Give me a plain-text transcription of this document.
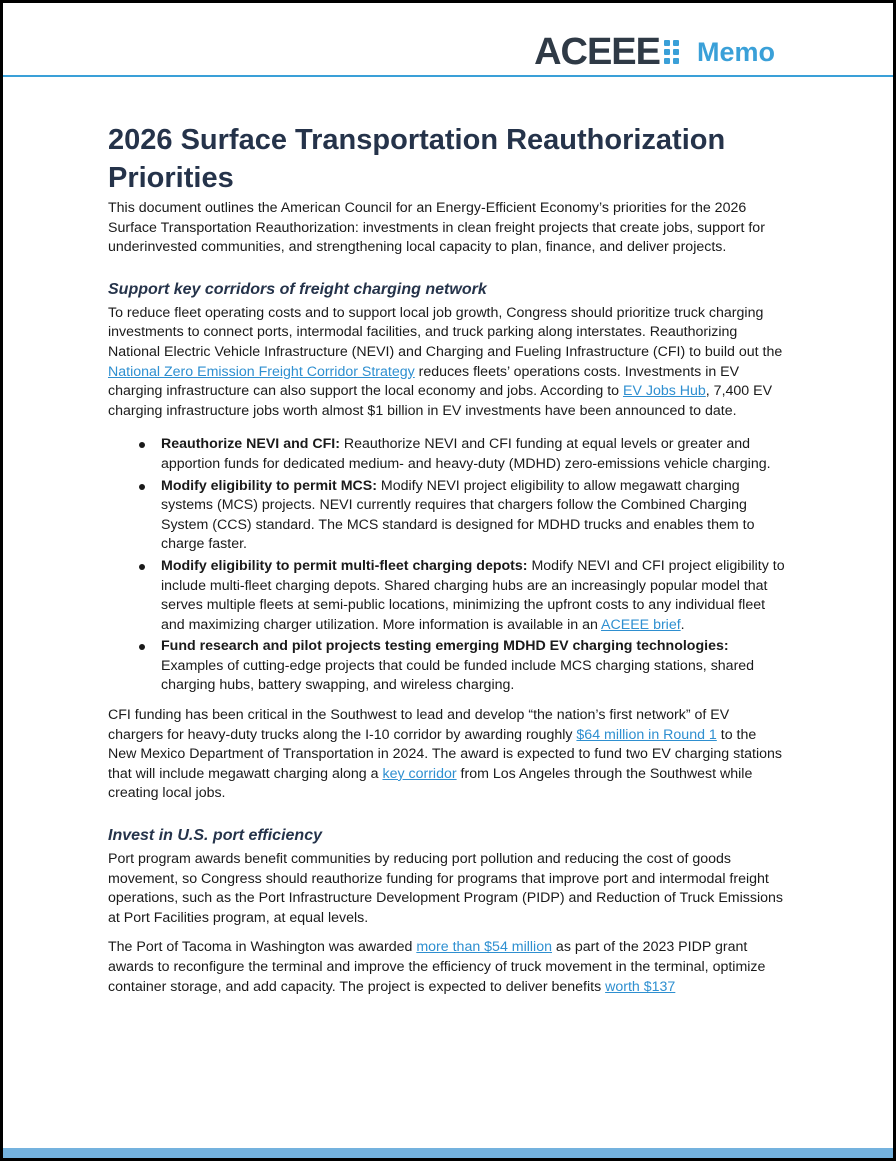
ACEEE Memo
2026 Surface Transportation Reauthorization Priorities

This document outlines the American Council for an Energy-Efficient Economy’s priorities for the 2026 Surface Transportation Reauthorization: investments in clean freight projects that create jobs, support for underinvested communities, and strengthening local capacity to plan, finance, and deliver projects.

Support key corridors of freight charging network

To reduce fleet operating costs and to support local job growth, Congress should prioritize truck charging investments to connect ports, intermodal facilities, and truck parking along interstates. Reauthorizing National Electric Vehicle Infrastructure (NEVI) and Charging and Fueling Infrastructure (CFI) to build out the National Zero Emission Freight Corridor Strategy reduces fleets’ operations costs. Investments in EV charging infrastructure can also support the local economy and jobs. According to EV Jobs Hub, 7,400 EV charging infrastructure jobs worth almost $1 billion in EV investments have been announced to date.

Reauthorize NEVI and CFI: Reauthorize NEVI and CFI funding at equal levels or greater and apportion funds for dedicated medium- and heavy-duty (MDHD) zero-emissions vehicle charging.
Modify eligibility to permit MCS: Modify NEVI project eligibility to allow megawatt charging systems (MCS) projects. NEVI currently requires that chargers follow the Combined Charging System (CCS) standard. The MCS standard is designed for MDHD trucks and enables them to charge faster.
Modify eligibility to permit multi-fleet charging depots: Modify NEVI and CFI project eligibility to include multi-fleet charging depots. Shared charging hubs are an increasingly popular model that serves multiple fleets at semi-public locations, minimizing the upfront costs to any individual fleet and maximizing charger utilization. More information is available in an ACEEE brief.
Fund research and pilot projects testing emerging MDHD EV charging technologies: Examples of cutting-edge projects that could be funded include MCS charging stations, shared charging hubs, battery swapping, and wireless charging.

CFI funding has been critical in the Southwest to lead and develop “the nation’s first network” of EV chargers for heavy-duty trucks along the I-10 corridor by awarding roughly $64 million in Round 1 to the New Mexico Department of Transportation in 2024. The award is expected to fund two EV charging stations that will include megawatt charging along a key corridor from Los Angeles through the Southwest while creating local jobs.

Invest in U.S. port efficiency

Port program awards benefit communities by reducing port pollution and reducing the cost of goods movement, so Congress should reauthorize funding for programs that improve port and intermodal freight operations, such as the Port Infrastructure Development Program (PIDP) and Reduction of Truck Emissions at Port Facilities program, at equal levels.

The Port of Tacoma in Washington was awarded more than $54 million as part of the 2023 PIDP grant awards to reconfigure the terminal and improve the efficiency of truck movement in the terminal, optimize container storage, and add capacity. The project is expected to deliver benefits worth $137
